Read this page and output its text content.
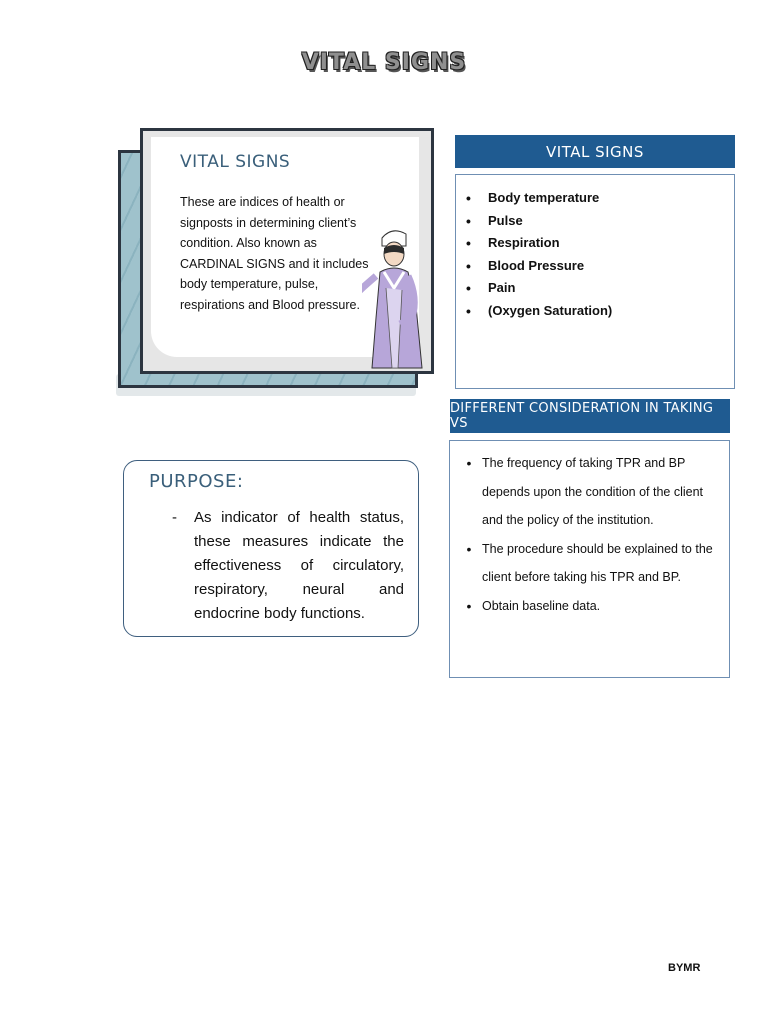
VITAL SIGNS
VITAL SIGNS
These are indices of health or signposts in determining client’s condition. Also known as CARDINAL SIGNS and it includes body temperature, pulse, respirations and Blood pressure.
VITAL SIGNS
•	Body temperature
•	Pulse
•	Respiration
•	Blood Pressure
•	Pain
•	(Oxygen Saturation)
DIFFERENT CONSIDERATION IN TAKING VS
• The frequency of taking TPR and BP depends upon the condition of the client and the policy of the institution.
• The procedure should be explained to the client before taking his TPR and BP.
• Obtain baseline data.
PURPOSE:
- As indicator of health status, these measures indicate the effectiveness of circulatory, respiratory, neural and endocrine body functions.
BYMR
